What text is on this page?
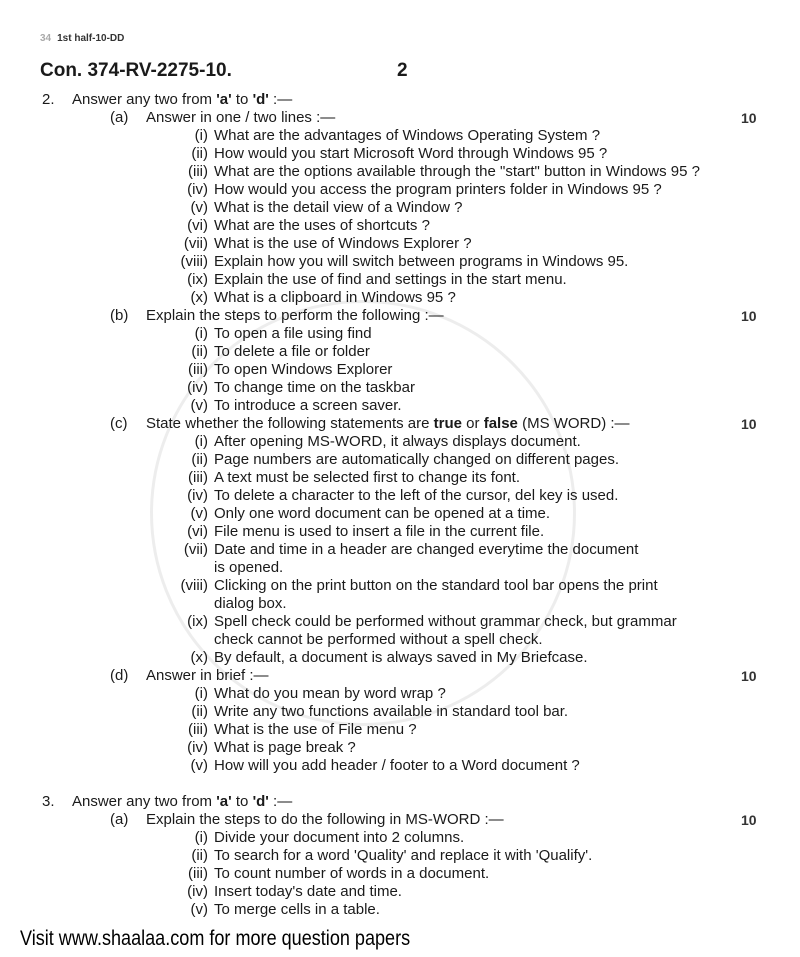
34 1st half-10-DD
Con. 374-RV-2275-10.	2
2. Answer any two from 'a' to 'd' :—
(a) Answer in one / two lines :—	10
(i) What are the advantages of Windows Operating System ?
(ii) How would you start Microsoft Word through Windows 95 ?
(iii) What are the options available through the "start" button in Windows 95 ?
(iv) How would you access the program printers folder in Windows 95 ?
(v) What is the detail view of a Window ?
(vi) What are the uses of shortcuts ?
(vii) What is the use of Windows Explorer ?
(viii) Explain how you will switch between programs in Windows 95.
(ix) Explain the use of find and settings in the start menu.
(x) What is a clipboard in Windows 95 ?
(b) Explain the steps to perform the following :—	10
(i) To open a file using find
(ii) To delete a file or folder
(iii) To open Windows Explorer
(iv) To change time on the taskbar
(v) To introduce a screen saver.
(c) State whether the following statements are true or false (MS WORD) :—	10
(i) After opening MS-WORD, it always displays document.
(ii) Page numbers are automatically changed on different pages.
(iii) A text must be selected first to change its font.
(iv) To delete a character to the left of the cursor, del key is used.
(v) Only one word document can be opened at a time.
(vi) File menu is used to insert a file in the current file.
(vii) Date and time in a header are changed everytime the document
is opened.
(viii) Clicking on the print button on the standard tool bar opens the print
dialog box.
(ix) Spell check could be performed without grammar check, but grammar
check cannot be performed without a spell check.
(x) By default, a document is always saved in My Briefcase.
(d) Answer in brief :—	10
(i) What do you mean by word wrap ?
(ii) Write any two functions available in standard tool bar.
(iii) What is the use of File menu ?
(iv) What is page break ?
(v) How will you add header / footer to a Word document ?
3. Answer any two from 'a' to 'd' :—
(a) Explain the steps to do the following in MS-WORD :—	10
(i) Divide your document into 2 columns.
(ii) To search for a word 'Quality' and replace it with 'Qualify'.
(iii) To count number of words in a document.
(iv) Insert today's date and time.
(v) To merge cells in a table.
Visit www.shaalaa.com for more question papers
